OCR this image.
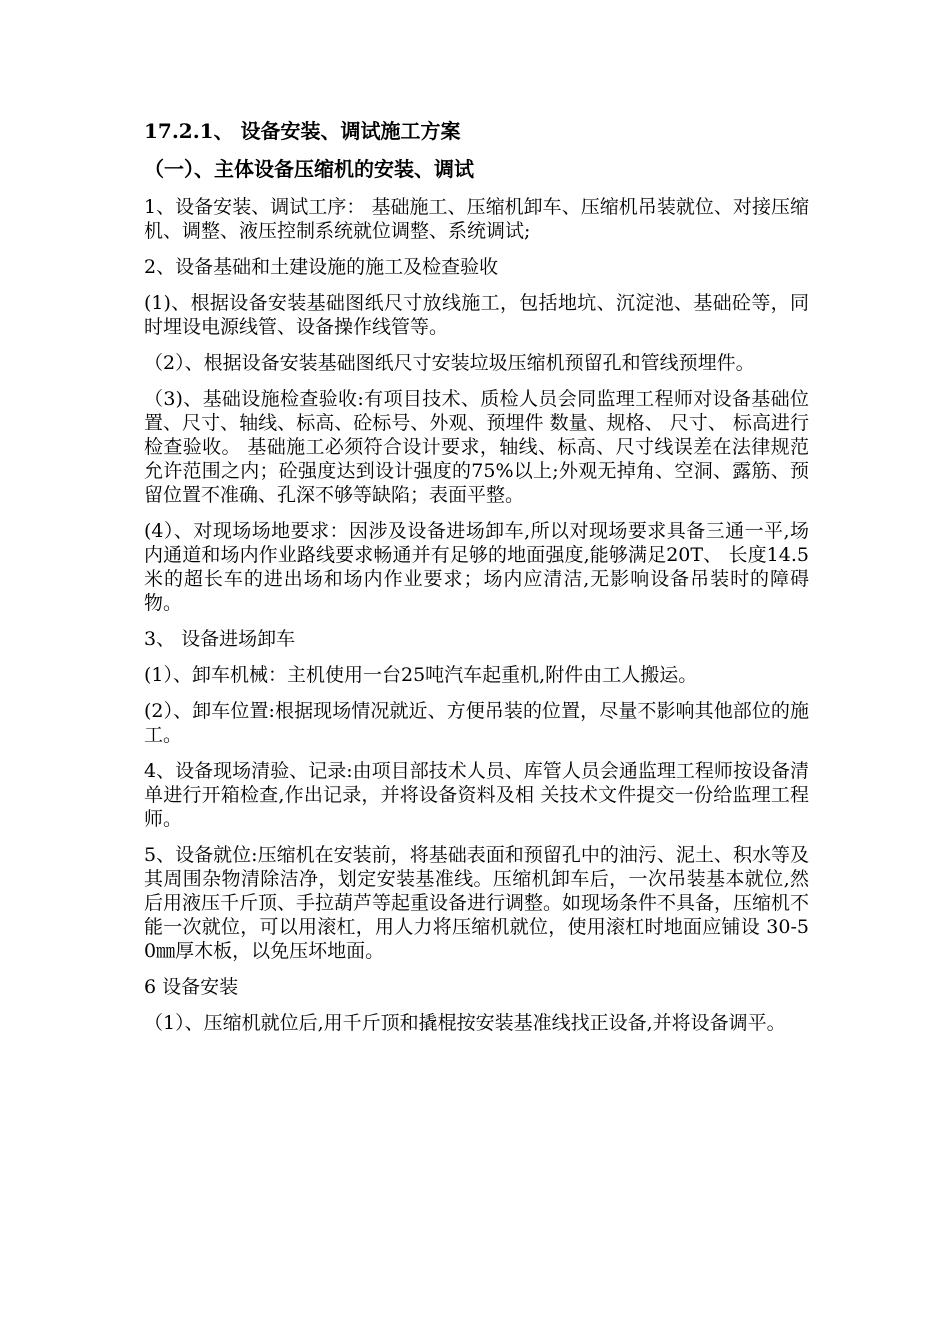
17.2.1、 设备安装、调试施工方案
（一）、主体设备压缩机的安装、调试

1、设备安装、调试工序： 基础施工、压缩机卸车、压缩机吊装就位、对接压缩机、调整、液压控制系统就位调整、系统调试;

2、设备基础和土建设施的施工及检查验收

(1)、根据设备安装基础图纸尺寸放线施工，包括地坑、沉淀池、基础砼等，同时埋设电源线管、设备操作线管等。

（2）、根据设备安装基础图纸尺寸安装垃圾压缩机预留孔和管线预埋件。

（3)、基础设施检查验收:有项目技术、质检人员会同监理工程师对设备基础位置、尺寸、轴线、标高、砼标号、外观、预埋件 数量、规格、 尺寸、 标高进行检查验收。 基础施工必须符合设计要求，轴线、标高、尺寸线误差在法律规范允许范围之内；砼强度达到设计强度的75%以上;外观无掉角、空洞、露筋、预留位置不准确、孔深不够等缺陷；表面平整。

(4）、对现场场地要求：因涉及设备进场卸车,所以对现场要求具备三通一平,场内通道和场内作业路线要求畅通并有足够的地面强度,能够满足20T、 长度14.5米的超长车的进出场和场内作业要求；场内应清洁,无影响设备吊装时的障碍物。

3、 设备进场卸车

(1）、卸车机械：主机使用一台25吨汽车起重机,附件由工人搬运。

(2）、卸车位置:根据现场情况就近、方便吊装的位置，尽量不影响其他部位的施工。

4、设备现场清验、记录:由项目部技术人员、库管人员会通监理工程师按设备清单进行开箱检查,作出记录，并将设备资料及相 关技术文件提交一份给监理工程师。

5、设备就位:压缩机在安装前，将基础表面和预留孔中的油污、泥土、积水等及其周围杂物清除洁净，划定安装基准线。压缩机卸车后，一次吊装基本就位,然后用液压千斤顶、手拉葫芦等起重设备进行调整。如现场条件不具备，压缩机不能一次就位，可以用滚杠，用人力将压缩机就位，使用滚杠时地面应铺设 30-50㎜厚木板，以免压坏地面。

6 设备安装

（1）、压缩机就位后,用千斤顶和撬棍按安装基准线找正设备,并将设备调平。
